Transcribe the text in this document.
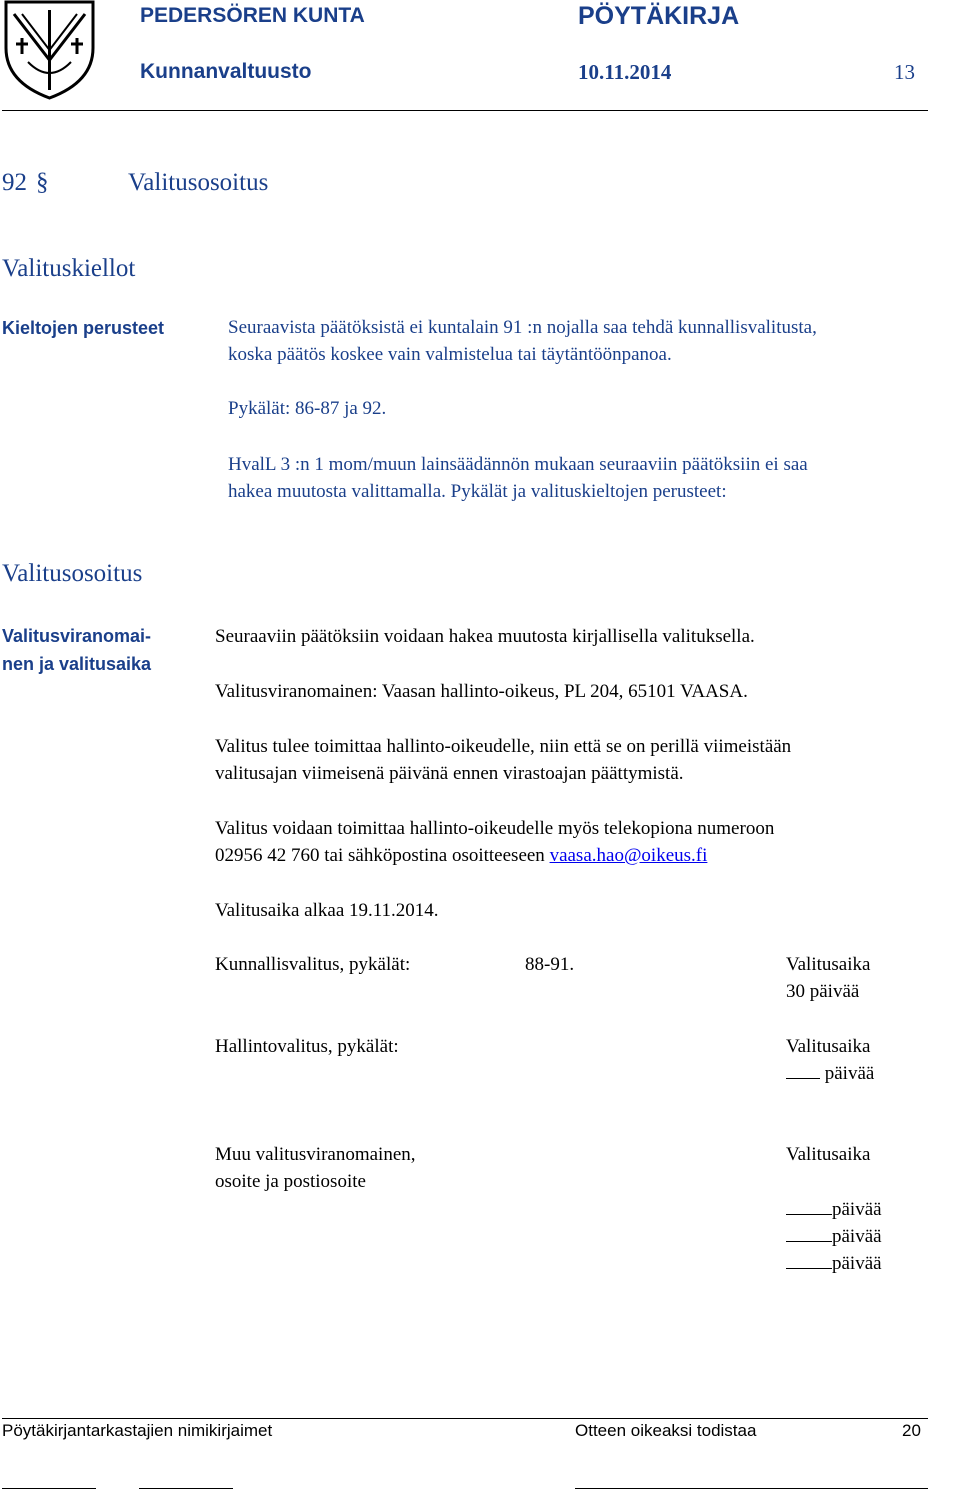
PEDERSÖREN KUNTA	PÖYTÄKIRJA
Kunnanvaltuusto	10.11.2014	13
92 §	Valitusosoitus
Valituskiellot
Kieltojen perusteet	Seuraavista päätöksistä ei kuntalain 91 :n nojalla saa tehdä kunnallisvalitusta,
koska päätös koskee vain valmistelua tai täytäntöönpanoa.
Pykälät: 86-87 ja 92.
HvalL 3 :n 1 mom/muun lainsäädännön mukaan seuraaviin päätöksiin ei saa
hakea muutosta valittamalla. Pykälät ja valituskieltojen perusteet:
Valitusosoitus
Valitusviranomai-
nen ja valitusaika
Seuraaviin päätöksiin voidaan hakea muutosta kirjallisella valituksella.
Valitusviranomainen: Vaasan hallinto-oikeus, PL 204, 65101 VAASA.
Valitus tulee toimittaa hallinto-oikeudelle, niin että se on perillä viimeistään
valitusajan viimeisenä päivänä ennen virastoajan päättymistä.
Valitus voidaan toimittaa hallinto-oikeudelle myös telekopiona numeroon
02956 42 760 tai sähköpostina osoitteeseen vaasa.hao@oikeus.fi
Valitusaika alkaa 19.11.2014.
Kunnallisvalitus, pykälät:	88-91.	Valitusaika
30 päivää
Hallintovalitus, pykälät:	Valitusaika
päivää
Muu valitusviranomainen,
osoite ja postiosoite
Valitusaika
päivää
päivää
päivää
Pöytäkirjantarkastajien nimikirjaimet	Otteen oikeaksi todistaa	20
